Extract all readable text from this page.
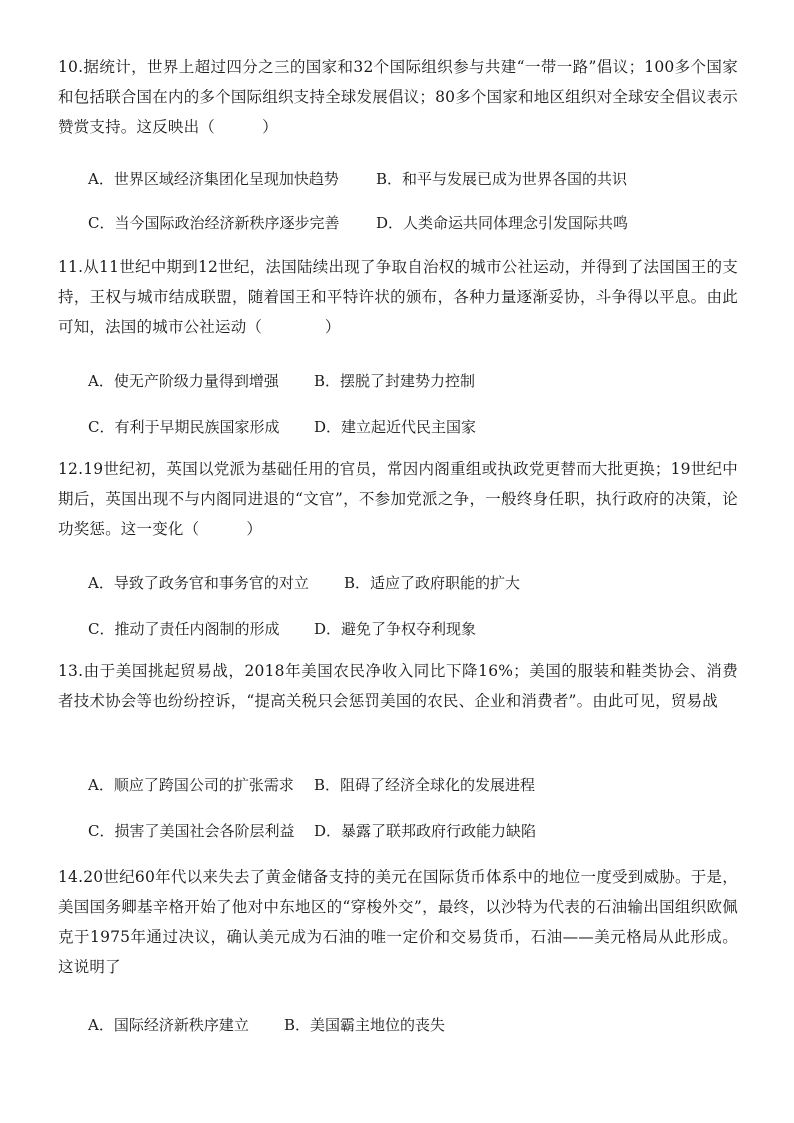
10.据统计，世界上超过四分之三的国家和32个国际组织参与共建“一带一路”倡议；100多个国家和包括联合国在内的多个国际组织支持全球发展倡议；80多个国家和地区组织对全球安全倡议表示赞赏支持。这反映出（　　　）

A．世界区域经济集团化呈现加快趋势 B．和平与发展已成为世界各国的共识
C．当今国际政治经济新秩序逐步完善 D．人类命运共同体理念引发国际共鸣

11.从11世纪中期到12世纪，法国陆续出现了争取自治权的城市公社运动，并得到了法国国王的支持，王权与城市结成联盟，随着国王和平特许状的颁布，各种力量逐渐妥协，斗争得以平息。由此可知，法国的城市公社运动（　　　　）

A．使无产阶级力量得到增强 B．摆脱了封建势力控制
C．有利于早期民族国家形成 D．建立起近代民主国家

12.19世纪初，英国以党派为基础任用的官员，常因内阁重组或执政党更替而大批更换；19世纪中期后，英国出现不与内阁同进退的“文官”，不参加党派之争，一般终身任职，执行政府的决策，论功奖惩。这一变化（　　　）

A．导致了政务官和事务官的对立 B．适应了政府职能的扩大
C．推动了责任内阁制的形成 D．避免了争权夺利现象

13.由于美国挑起贸易战，2018年美国农民净收入同比下降16%；美国的服装和鞋类协会、消费者技术协会等也纷纷控诉，“提高关税只会惩罚美国的农民、企业和消费者”。由此可见，贸易战

A．顺应了跨国公司的扩张需求 B．阻碍了经济全球化的发展进程
C．损害了美国社会各阶层利益 D．暴露了联邦政府行政能力缺陷

14.20世纪60年代以来失去了黄金储备支持的美元在国际货币体系中的地位一度受到威胁。于是，美国国务卿基辛格开始了他对中东地区的“穿梭外交”，最终，以沙特为代表的石油输出国组织欧佩克于1975年通过决议，确认美元成为石油的唯一定价和交易货币，石油——美元格局从此形成。这说明了

A．国际经济新秩序建立 B．美国霸主地位的丧失
